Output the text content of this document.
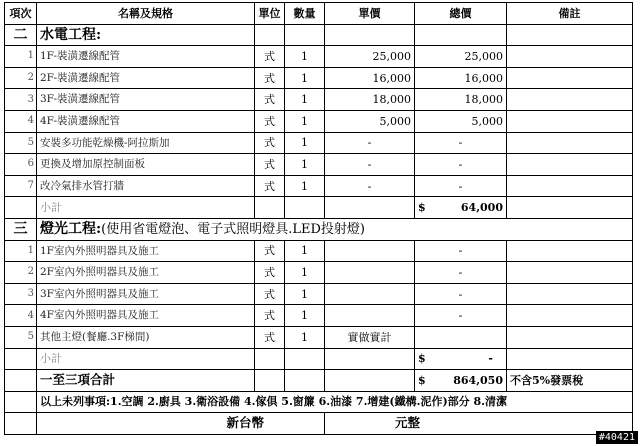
項次	名稱及規格	單位	數量	單價	總價	備註
二	水電工程:					
1	1F-裝潢遷線配管	式	1	25,000	25,000	
2	2F-裝潢遷線配管	式	1	16,000	16,000	
3	3F-裝潢遷線配管	式	1	18,000	18,000	
4	4F-裝潢遷線配管	式	1	5,000	5,000	
5	安裝多功能乾燥機-阿拉斯加	式	1	-	-	
6	更換及增加原控制面板	式	1	-	-	
7	改冷氣排水管打牆	式	1	-	-	
	小計				$ 64,000	

三	燈光工程:(使用省電燈泡、電子式照明燈具.LED投射燈)					
1	1F室內外照明器具及施工	式	1		-	
2	2F室內外照明器具及施工	式	1		-	
3	3F室內外照明器具及施工	式	1		-	
4	4F室內外照明器具及施工	式	1		-	
5	其他主燈(餐廳.3F梯間)	式	1	實做實計		
	小計				$ -	

	一至三項合計				$ 864,050	不含5%發票稅
	以上未列事項:1.空調 2.廚具 3.衛浴設備 4.傢俱 5.窗簾 6.油漆 7.增建(鐵構.泥作)部分 8.清潔					
	新台幣			元整		
#40421
